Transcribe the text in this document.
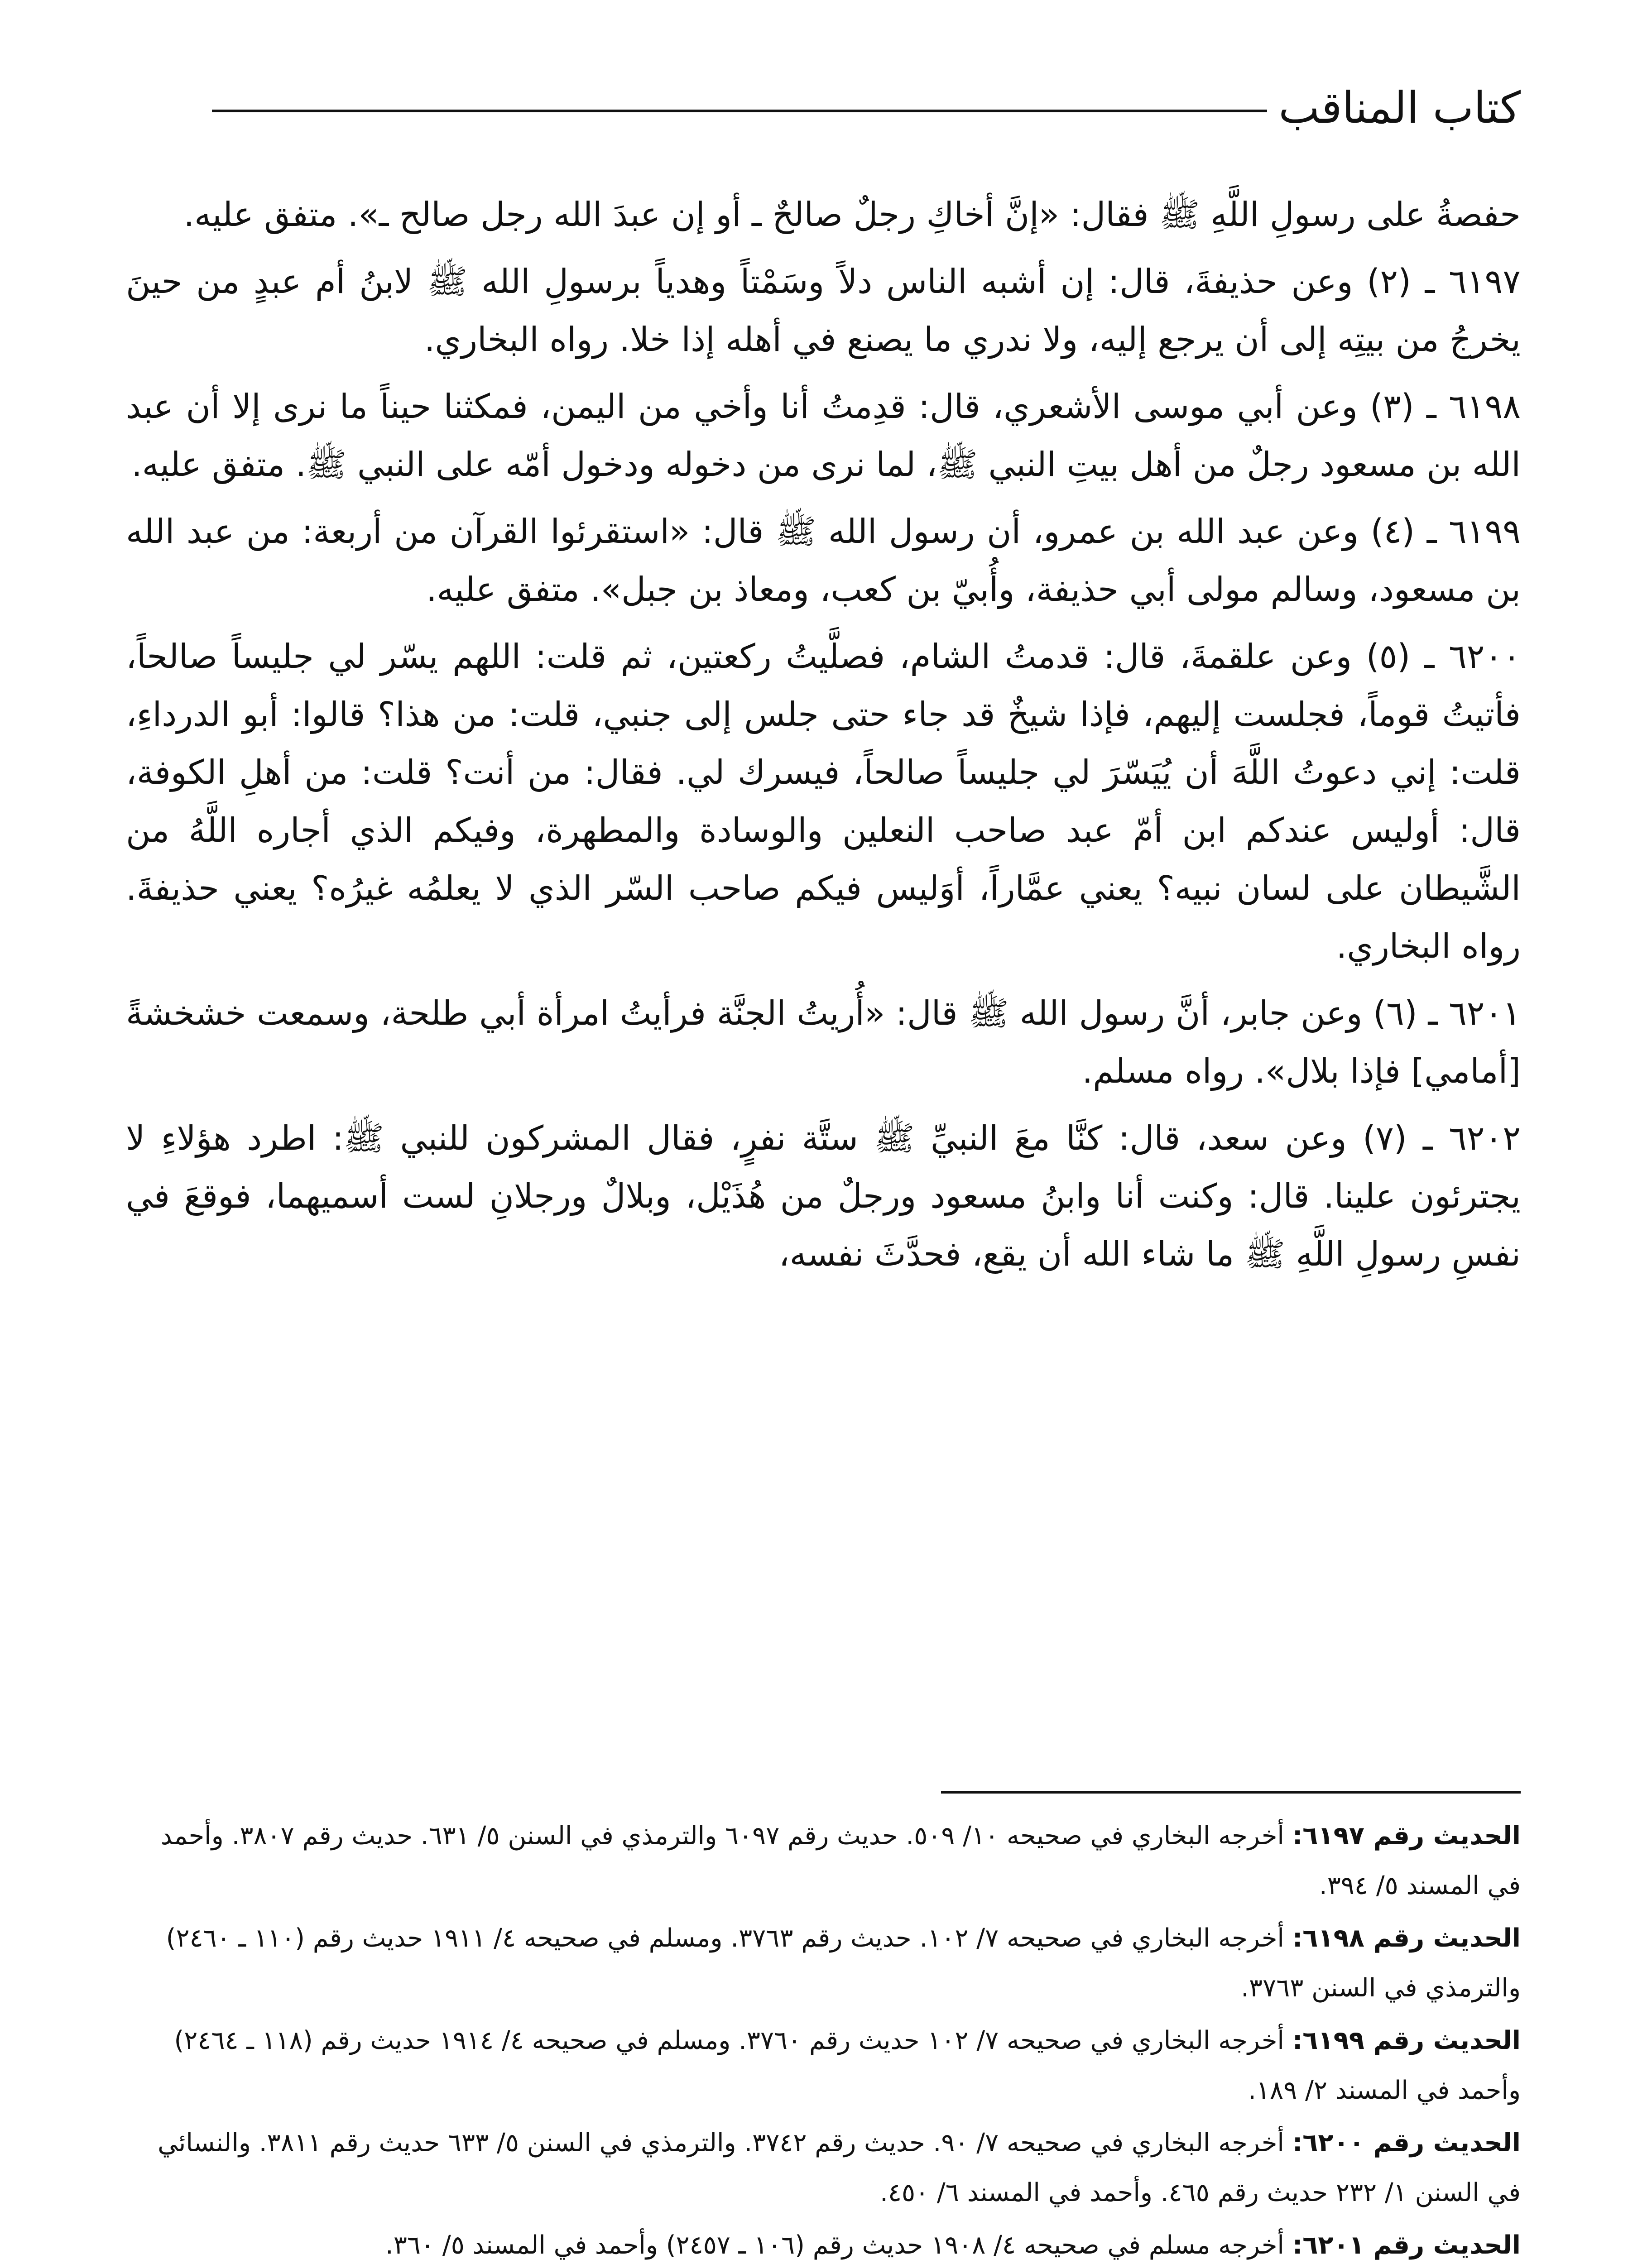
كتاب المناقب

حفصةُ على رسولِ اللَّهِ ﷺ فقال: «إنَّ أخاكِ رجلٌ صالحٌ ـ أو إن عبدَ الله رجل صالح ـ». متفق عليه.

٦١٩٧ ـ (٢) وعن حذيفةَ، قال: إن أشبه الناس دلاً وسَمْتاً وهدياً برسولِ الله ﷺ لابنُ أم عبدٍ من حينَ يخرجُ من بيتِه إلى أن يرجع إليه، ولا ندري ما يصنع في أهله إذا خلا. رواه البخاري.

٦١٩٨ ـ (٣) وعن أبي موسى الأشعري، قال: قدِمتُ أنا وأخي من اليمن، فمكثنا حيناً ما نرى إلا أن عبد الله بن مسعود رجلٌ من أهل بيتِ النبي ﷺ، لما نرى من دخوله ودخول أمّه على النبي ﷺ. متفق عليه.

٦١٩٩ ـ (٤) وعن عبد الله بن عمرو، أن رسول الله ﷺ قال: «استقرئوا القرآن من أربعة: من عبد الله بن مسعود، وسالم مولى أبي حذيفة، وأُبيّ بن كعب، ومعاذ بن جبل». متفق عليه.

٦٢٠٠ ـ (٥) وعن علقمةَ، قال: قدمتُ الشام، فصلَّيتُ ركعتين، ثم قلت: اللهم يسّر لي جليساً صالحاً، فأتيتُ قوماً، فجلست إليهم، فإذا شيخٌ قد جاء حتى جلس إلى جنبي، قلت: من هذا؟ قالوا: أبو الدرداءِ، قلت: إني دعوتُ اللَّهَ أن يُيَسّرَ لي جليساً صالحاً، فيسرك لي. فقال: من أنت؟ قلت: من أهلِ الكوفة، قال: أوليس عندكم ابن أمّ عبد صاحب النعلين والوسادة والمطهرة، وفيكم الذي أجاره اللَّهُ من الشَّيطان على لسان نبيه؟ يعني عمَّاراً، أوَليس فيكم صاحب السّر الذي لا يعلمُه غيرُه؟ يعني حذيفةَ. رواه البخاري.

٦٢٠١ ـ (٦) وعن جابر، أنَّ رسول الله ﷺ قال: «أُريتُ الجنَّة فرأيتُ امرأة أبي طلحة، وسمعت خشخشةً [أمامي] فإذا بلال». رواه مسلم.

٦٢٠٢ ـ (٧) وعن سعد، قال: كنَّا معَ النبيِّ ﷺ ستَّة نفرٍ، فقال المشركون للنبي ﷺ: اطرد هؤلاءِ لا يجترئون علينا. قال: وكنت أنا وابنُ مسعود ورجلٌ من هُذَيْل، وبلالٌ ورجلانِ لست أسميهما، فوقعَ في نفسِ رسولِ اللَّهِ ﷺ ما شاء الله أن يقع، فحدَّثَ نفسه،

الحديث رقم ٦١٩٧: أخرجه البخاري في صحيحه ١٠/ ٥٠٩. حديث رقم ٦٠٩٧ والترمذي في السنن ٥/ ٦٣١. حديث رقم ٣٨٠٧. وأحمد في المسند ٥/ ٣٩٤.

الحديث رقم ٦١٩٨: أخرجه البخاري في صحيحه ٧/ ١٠٢. حديث رقم ٣٧٦٣. ومسلم في صحيحه ٤/ ١٩١١ حديث رقم (١١٠ ـ ٢٤٦٠) والترمذي في السنن ٣٧٦٣.

الحديث رقم ٦١٩٩: أخرجه البخاري في صحيحه ٧/ ١٠٢ حديث رقم ٣٧٦٠. ومسلم في صحيحه ٤/ ١٩١٤ حديث رقم (١١٨ ـ ٢٤٦٤) وأحمد في المسند ٢/ ١٨٩.

الحديث رقم ٦٢٠٠: أخرجه البخاري في صحيحه ٧/ ٩٠. حديث رقم ٣٧٤٢. والترمذي في السنن ٥/ ٦٣٣ حديث رقم ٣٨١١. والنسائي في السنن ١/ ٢٣٢ حديث رقم ٤٦٥. وأحمد في المسند ٦/ ٤٥٠.

الحديث رقم ٦٢٠١: أخرجه مسلم في صحيحه ٤/ ١٩٠٨ حديث رقم (١٠٦ ـ ٢٤٥٧) وأحمد في المسند ٥/ ٣٦٠.
